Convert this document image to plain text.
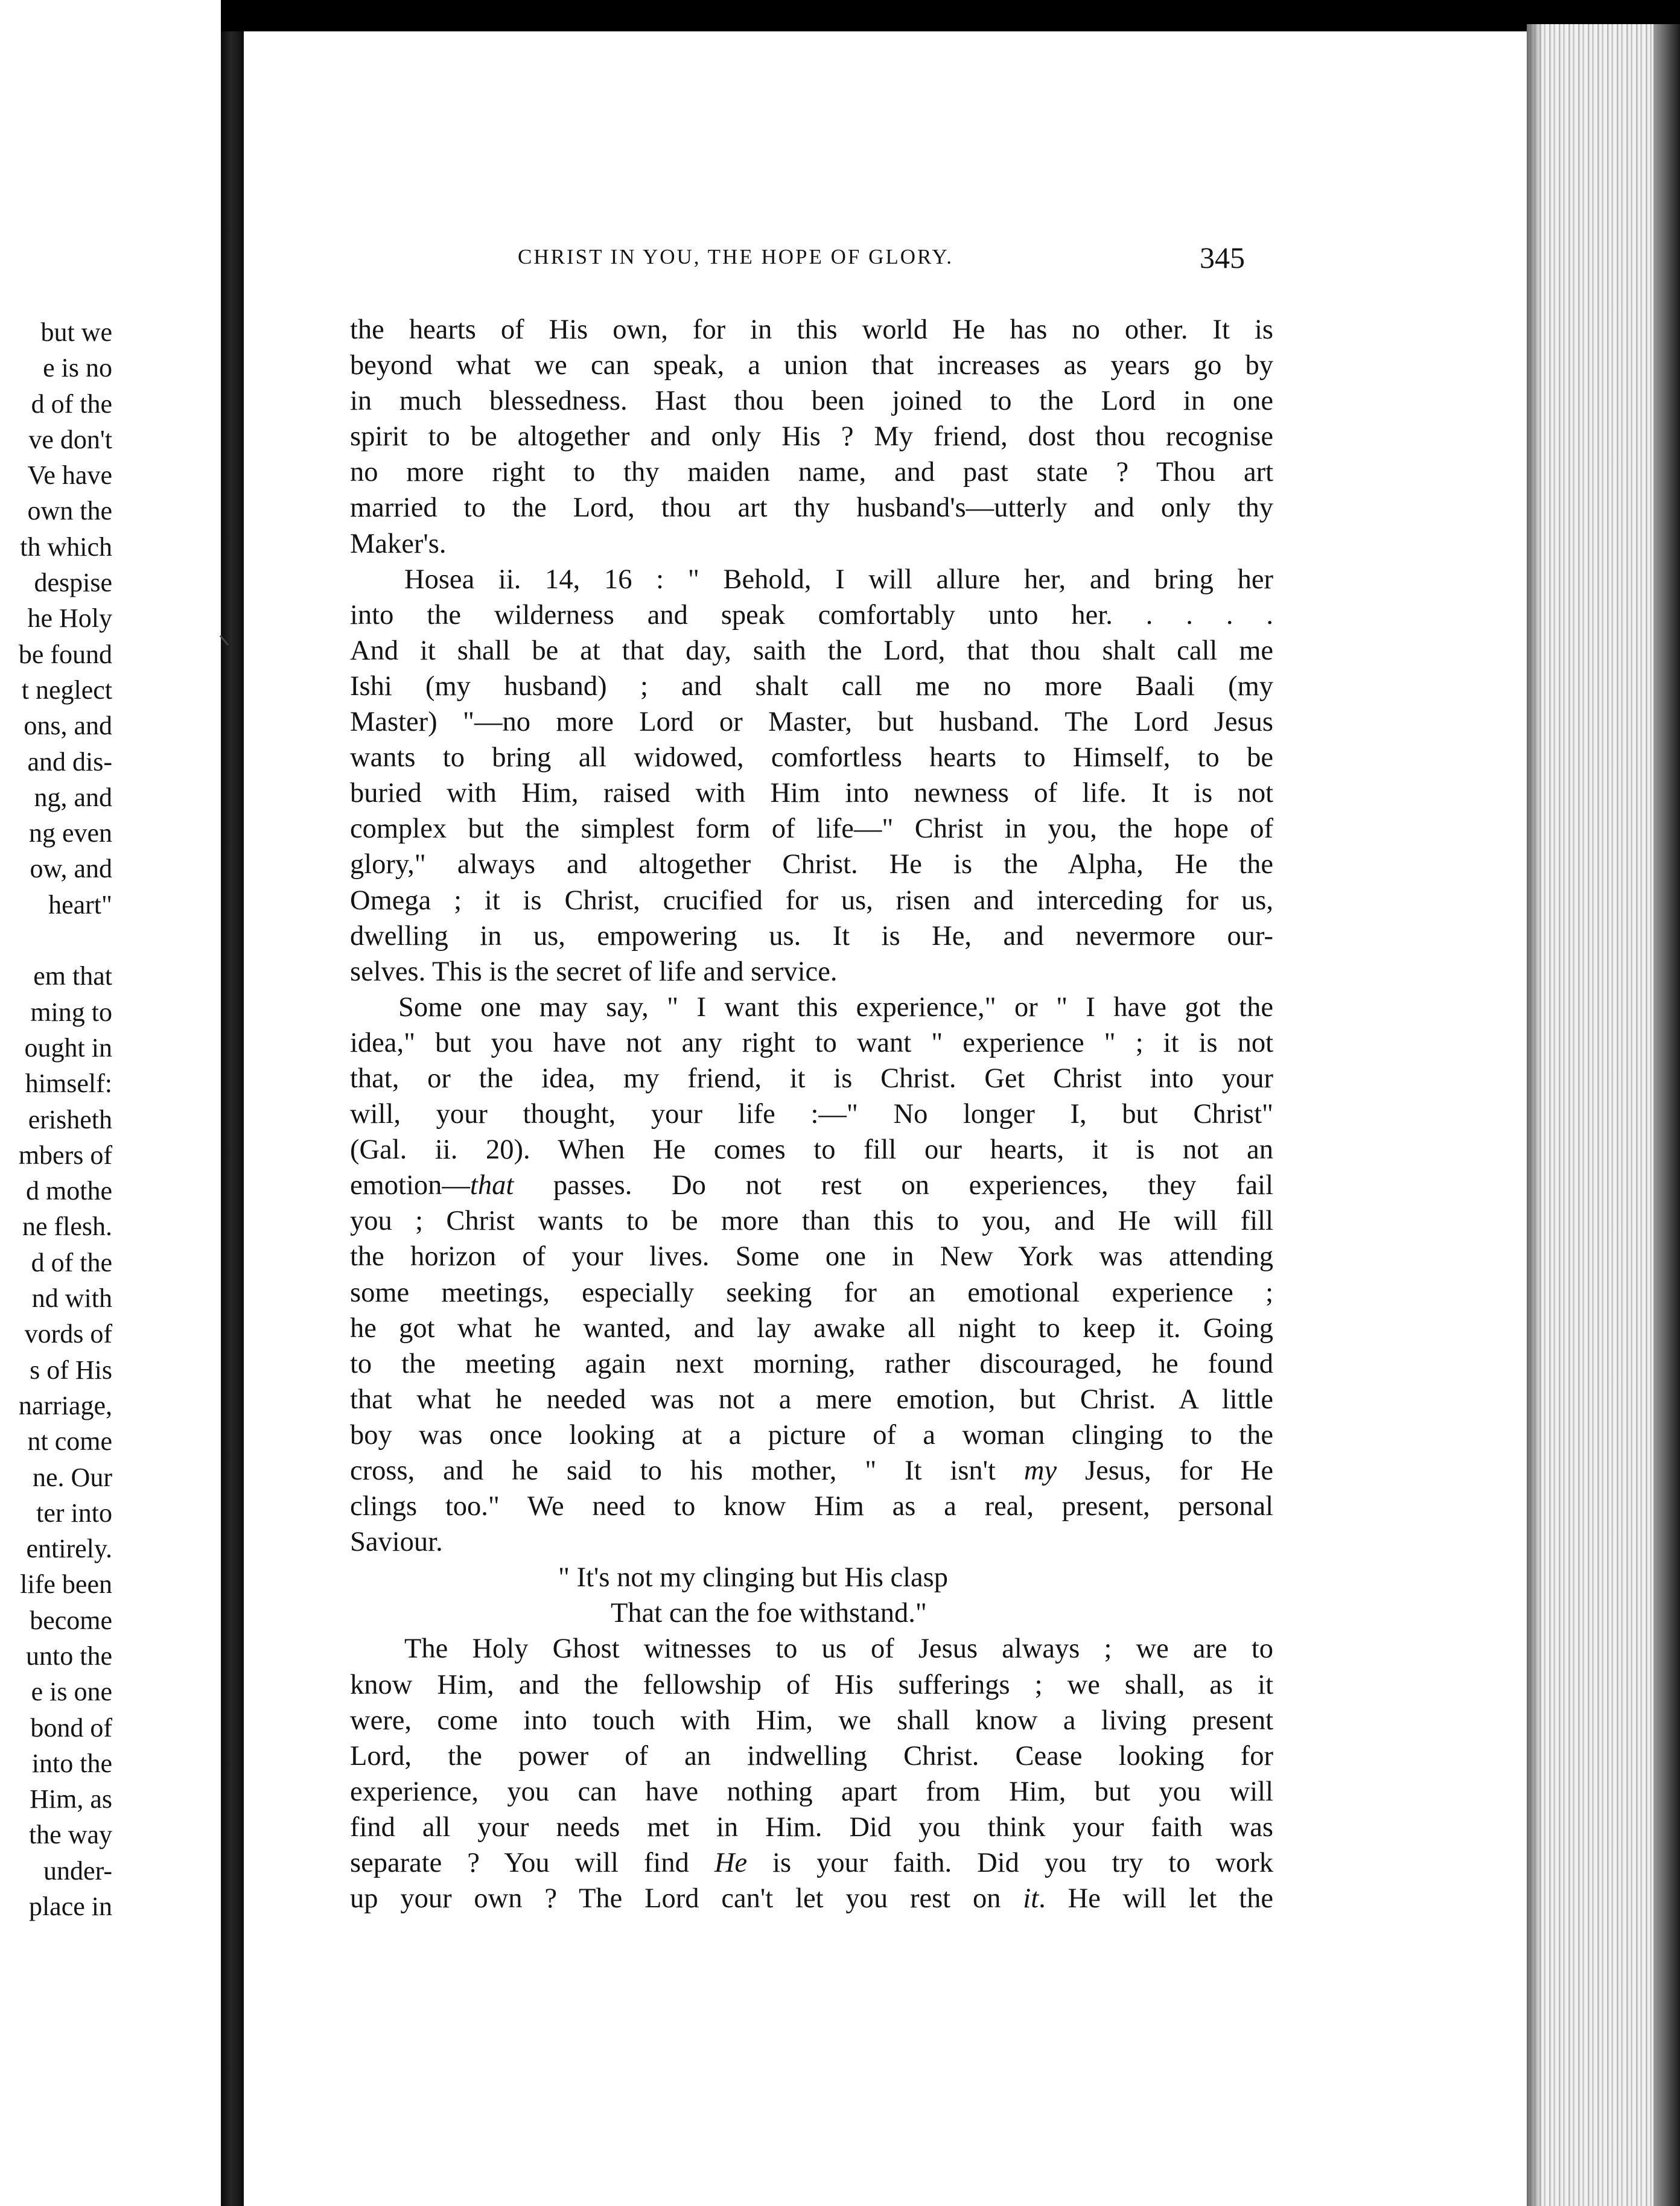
but we
e is no
d of the
ve don't
Ve have
own the
th which
despise
he Holy
be found
t neglect
ons, and
and dis-
ng, and
ng even
ow, and
heart"
em that
ming to
ought in
himself:
erisheth
mbers of
d mothe
ne flesh.
d of the
nd with
vords of
s of His
narriage,
nt come
ne. Our
ter into
entirely.
life been
become
unto the
e is one
bond of
into the
Him, as
the way
under-
place in
CHRIST IN YOU, THE HOPE OF GLORY.	345
the hearts of His own, for in this world He has no other. It is
beyond what we can speak, a union that increases as years go by
in much blessedness. Hast thou been joined to the Lord in one
spirit to be altogether and only His ? My friend, dost thou recognise
no more right to thy maiden name, and past state ? Thou art
married to the Lord, thou art thy husband's—utterly and only thy
Maker's.
Hosea ii. 14, 16 : " Behold, I will allure her, and bring her
into the wilderness and speak comfortably unto her. . . . .
And it shall be at that day, saith the Lord, that thou shalt call me
Ishi (my husband) ; and shalt call me no more Baali (my
Master) "—no more Lord or Master, but husband. The Lord Jesus
wants to bring all widowed, comfortless hearts to Himself, to be
buried with Him, raised with Him into newness of life. It is not
complex but the simplest form of life—" Christ in you, the hope of
glory," always and altogether Christ. He is the Alpha, He the
Omega ; it is Christ, crucified for us, risen and interceding for us,
dwelling in us, empowering us. It is He, and nevermore our-
selves. This is the secret of life and service.
Some one may say, " I want this experience," or " I have got the
idea," but you have not any right to want " experience " ; it is not
that, or the idea, my friend, it is Christ. Get Christ into your
will, your thought, your life :—" No longer I, but Christ"
(Gal. ii. 20). When He comes to fill our hearts, it is not an
emotion—that passes. Do not rest on experiences, they fail
you ; Christ wants to be more than this to you, and He will fill
the horizon of your lives. Some one in New York was attending
some meetings, especially seeking for an emotional experience ;
he got what he wanted, and lay awake all night to keep it. Going
to the meeting again next morning, rather discouraged, he found
that what he needed was not a mere emotion, but Christ. A little
boy was once looking at a picture of a woman clinging to the
cross, and he said to his mother, " It isn't my Jesus, for He
clings too." We need to know Him as a real, present, personal
Saviour.
" It's not my clinging but His clasp
That can the foe withstand."
The Holy Ghost witnesses to us of Jesus always ; we are to
know Him, and the fellowship of His sufferings ; we shall, as it
were, come into touch with Him, we shall know a living present
Lord, the power of an indwelling Christ. Cease looking for
experience, you can have nothing apart from Him, but you will
find all your needs met in Him. Did you think your faith was
separate ? You will find He is your faith. Did you try to work
up your own ? The Lord can't let you rest on it. He will let the
